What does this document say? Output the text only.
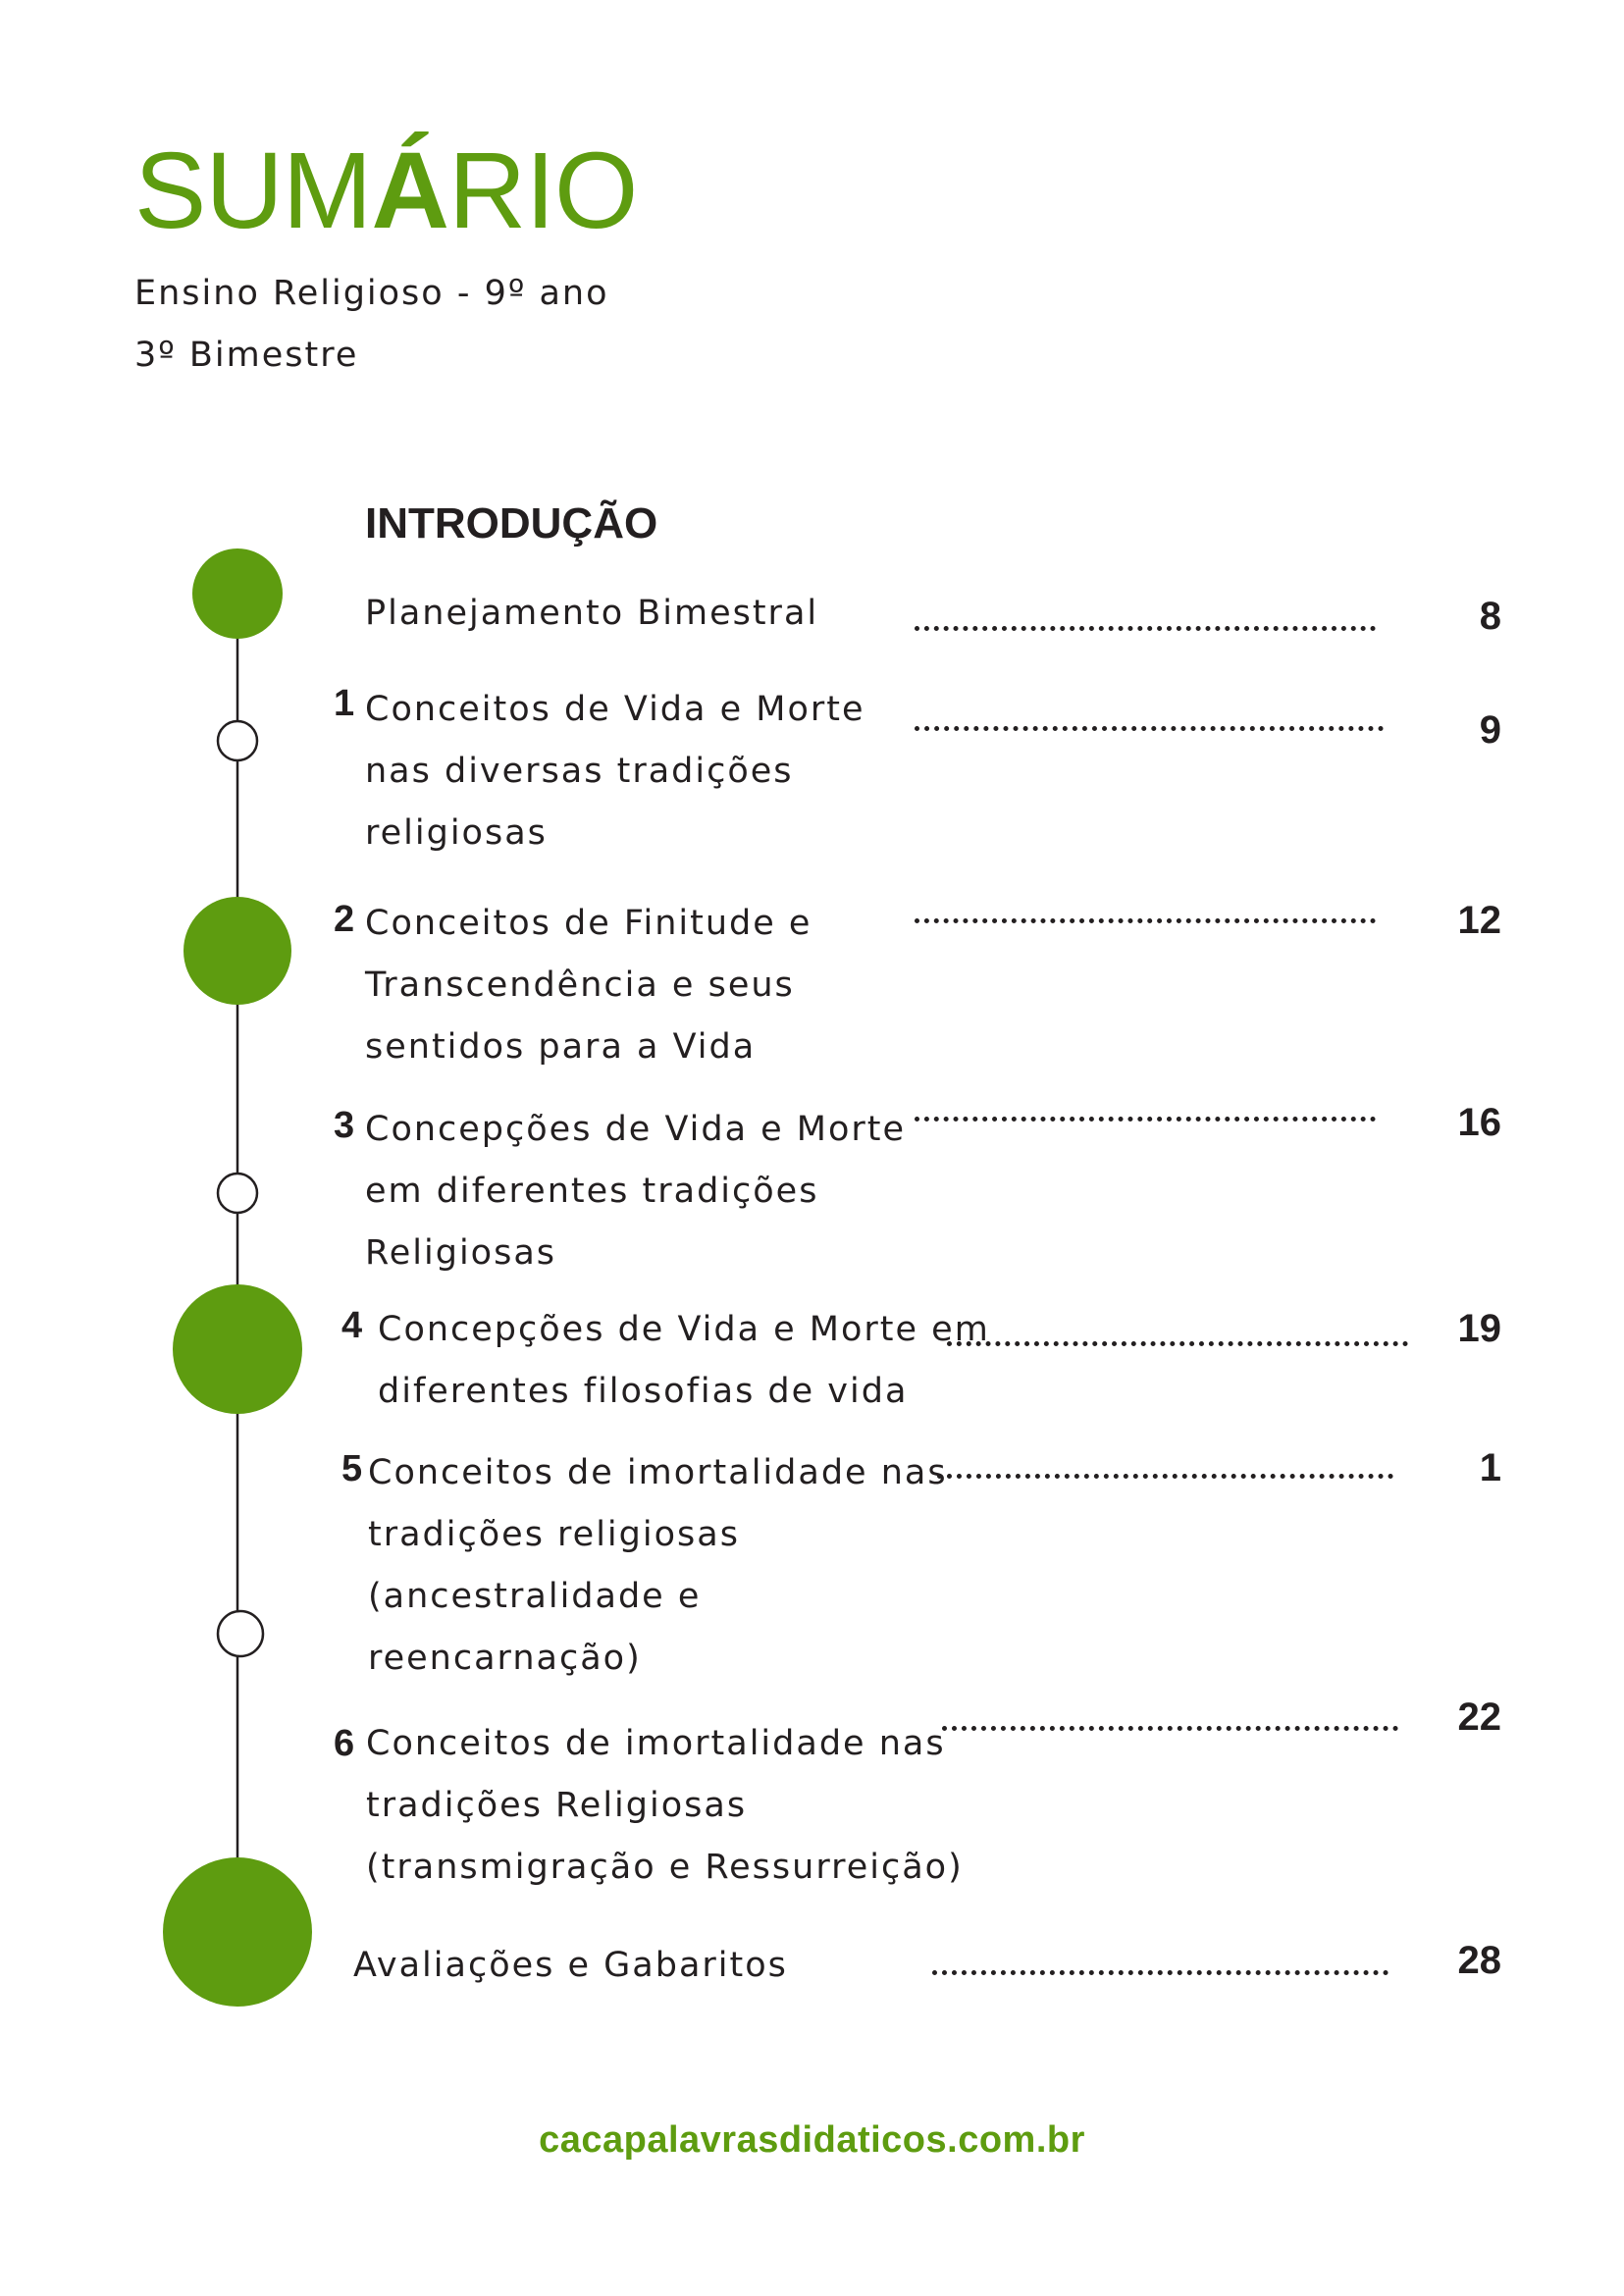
SUMÁRIO
Ensino Religioso - 9º ano
3º Bimestre
INTRODUÇÃO
Planejamento Bimestral	8
1 Conceitos de Vida e Morte
nas diversas tradições
religiosas
9
2 Conceitos de Finitude e
Transcendência e seus
sentidos para a Vida
12
3 Concepções de Vida e Morte
em diferentes tradições
Religiosas
16
4 Concepções de Vida e Morte em
diferentes filosofias de vida
19
5 Conceitos de imortalidade nas
tradições religiosas
(ancestralidade e
reencarnação)
1
6 Conceitos de imortalidade nas
tradições Religiosas
(transmigração e Ressurreição)
22
Avaliações e Gabaritos	28
cacapalavrasdidaticos.com.br
